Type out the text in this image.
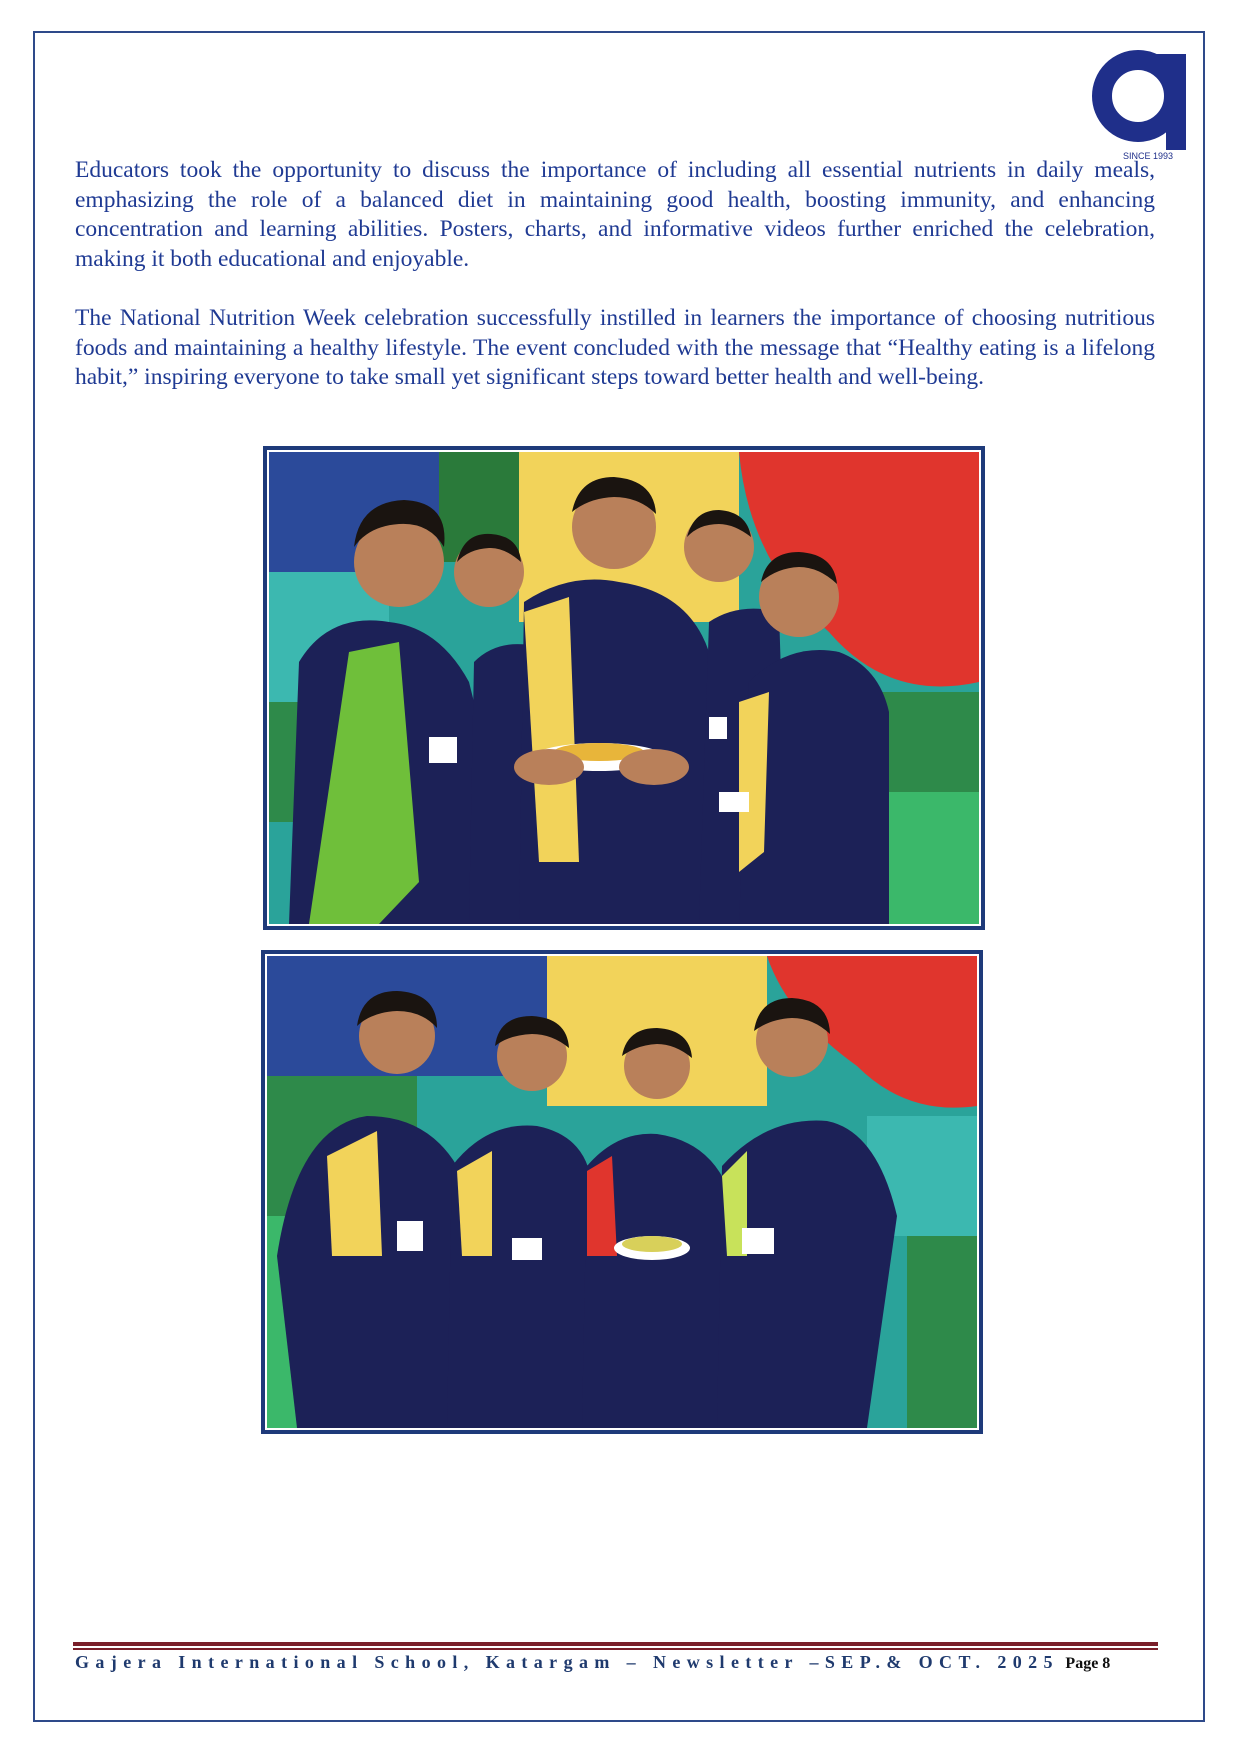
SINCE 1993

Educators took the opportunity to discuss the importance of including all essential nutrients in daily meals, emphasizing the role of a balanced diet in maintaining good health, boosting immunity, and enhancing concentration and learning abilities. Posters, charts, and informative videos further enriched the celebration, making it both educational and enjoyable.

The National Nutrition Week celebration successfully instilled in learners the importance of choosing nutritious foods and maintaining a healthy lifestyle. The event concluded with the message that “Healthy eating is a lifelong habit,” inspiring everyone to take small yet significant steps toward better health and well-being.

Gajera International School, Katargam – Newsletter –SEP.& OCT. 2025 Page 8
